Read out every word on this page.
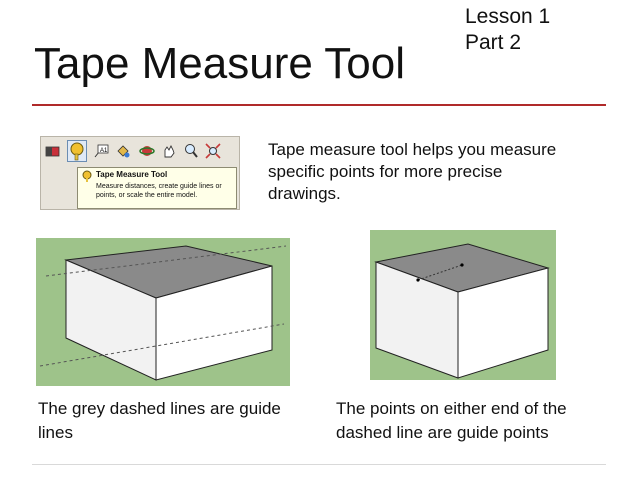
Tape Measure Tool
Lesson 1
Part 2
A1
Tape Measure Tool
Measure distances, create guide lines or points, or scale the entire model.
Tape measure tool helps you measure specific points for more precise drawings.
The grey dashed lines are guide lines
The points on either end of the dashed line are guide points
